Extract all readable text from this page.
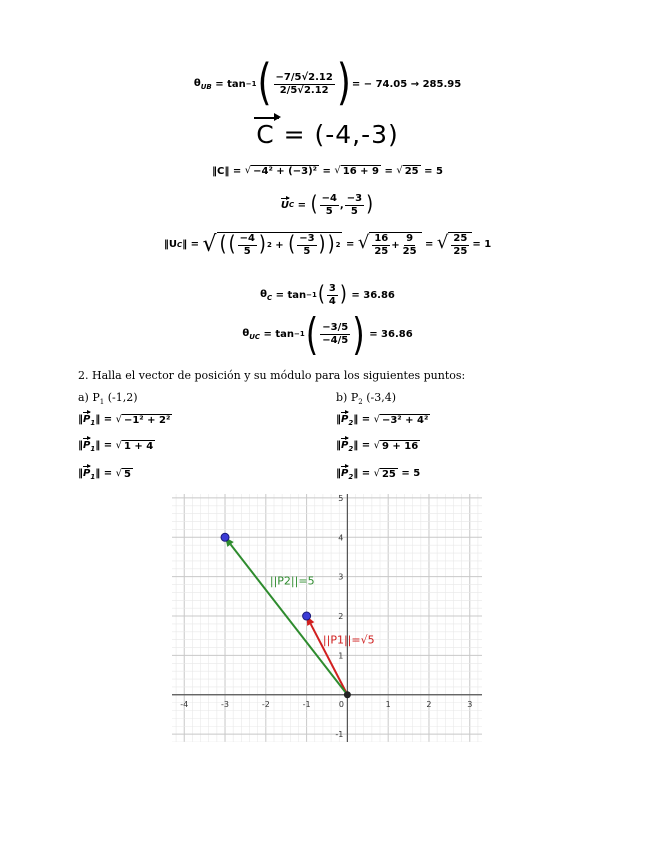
$\theta_{UB}$
= tan −1 ( $\frac{-7/5√2.12}{2/5√2.12}$ ) = − 74.05 → 285.95
C = (-4,-3)
‖C‖
=
√ −4² + (−3)²
=
√ 16 + 9
=
√ 25
= 5
U C
=
( $\frac{-4}{5}$ , $\frac{-3}{5}$ )
‖U C ‖ =
√ ( ( $\frac{-4}{5}$ ) 2
+
( $\frac{-3}{5}$ ) ) 2
=
√ $\frac{16}{25} + \frac{9}{25}$
=
√ $\frac{25}{25} = 1$
$\theta_C$
= tan −1 ( $\frac{3}{4}$ )
= 36.86
$\theta_{UC}$
= tan −1 ( $\frac{-3/5}{-4/5}$ )
= 36.86
2. Halla el vector de posición y su módulo para los siguientes puntos:
a) $P_1$ (-1,2)
$‖P_1‖$ = √ −1² + 2²
$‖P_1‖$ = √ 1 + 4
$‖P_1‖$ = √ 5
b) $P_2$ (-3,4)
$‖P_2‖$ = √ −3² + 4²
$‖P_2‖$ = √ 9 + 16
$‖P_2‖$ = √ 25 = 5
-4	-3	-2	-1	0	1	2	3
-1
1
2
3
4
5
||P1||=√5
||P2||=5
